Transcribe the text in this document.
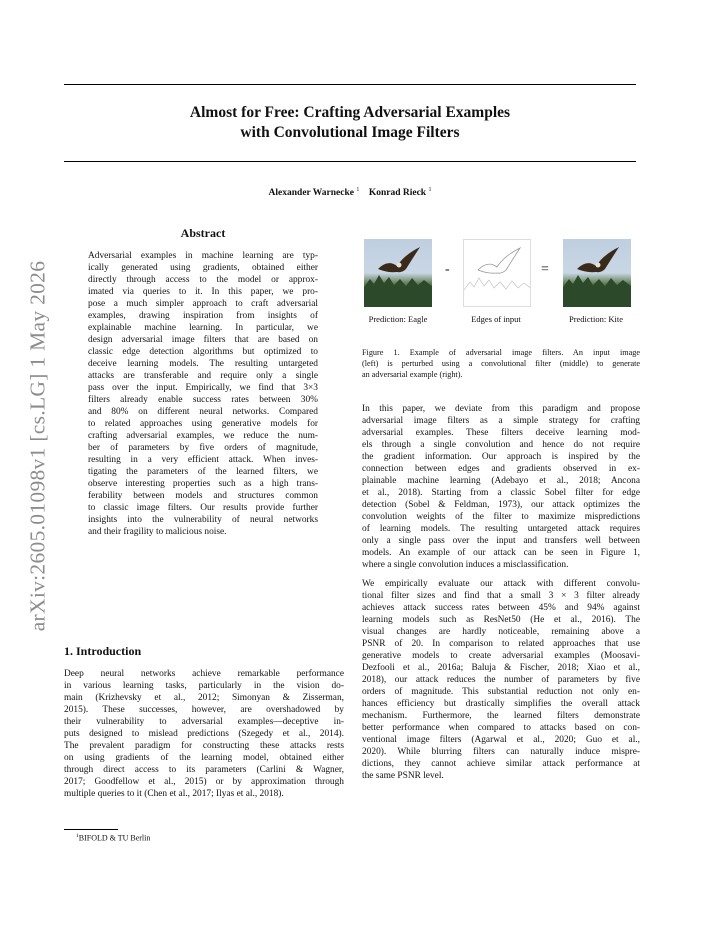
arXiv:2605.01098v1 [cs.LG] 1 May 2026
Almost for Free: Crafting Adversarial Examples
with Convolutional Image Filters
Alexander Warnecke $^1$ Konrad Rieck $^1$
Abstract
Adversarial examples in machine learning are typ-
ically generated using gradients, obtained either
directly through access to the model or approx-
imated via queries to it. In this paper, we pro-
pose a much simpler approach to craft adversarial
examples, drawing inspiration from insights of
explainable machine learning. In particular, we
design adversarial image filters that are based on
classic edge detection algorithms but optimized to
deceive learning models. The resulting untargeted
attacks are transferable and require only a single
pass over the input. Empirically, we find that 3×3
filters already enable success rates between 30%
and 80% on different neural networks. Compared
to related approaches using generative models for
crafting adversarial examples, we reduce the num-
ber of parameters by five orders of magnitude,
resulting in a very efficient attack. When inves-
tigating the parameters of the learned filters, we
observe interesting properties such as a high trans-
ferability between models and structures common
to classic image filters. Our results provide further
insights into the vulnerability of neural networks
and their fragility to malicious noise.
1. Introduction
Deep neural networks achieve remarkable performance
in various learning tasks, particularly in the vision do-
main (Krizhevsky et al., 2012; Simonyan & Zisserman,
2015). These successes, however, are overshadowed by
their vulnerability to adversarial examples—deceptive in-
puts designed to mislead predictions (Szegedy et al., 2014).
The prevalent paradigm for constructing these attacks rests
on using gradients of the learning model, obtained either
through direct access to its parameters (Carlini & Wagner,
2017; Goodfellow et al., 2015) or by approximation through
multiple queries to it (Chen et al., 2017; Ilyas et al., 2018).
$^1$BIFOLD & TU Berlin
-	=
Prediction: Eagle	Edges of input	Prediction: Kite
Figure 1. Example of adversarial image filters. An input image
(left) is perturbed using a convolutional filter (middle) to generate
an adversarial example (right).
In this paper, we deviate from this paradigm and propose
adversarial image filters as a simple strategy for crafting
adversarial examples. These filters deceive learning mod-
els through a single convolution and hence do not require
the gradient information. Our approach is inspired by the
connection between edges and gradients observed in ex-
plainable machine learning (Adebayo et al., 2018; Ancona
et al., 2018). Starting from a classic Sobel filter for edge
detection (Sobel & Feldman, 1973), our attack optimizes the
convolution weights of the filter to maximize mispredictions
of learning models. The resulting untargeted attack requires
only a single pass over the input and transfers well between
models. An example of our attack can be seen in Figure 1,
where a single convolution induces a misclassification.
We empirically evaluate our attack with different convolu-
tional filter sizes and find that a small 3 × 3 filter already
achieves attack success rates between 45% and 94% against
learning models such as ResNet50 (He et al., 2016). The
visual changes are hardly noticeable, remaining above a
PSNR of 20. In comparison to related approaches that use
generative models to create adversarial examples (Moosavi-
Dezfooli et al., 2016a; Baluja & Fischer, 2018; Xiao et al.,
2018), our attack reduces the number of parameters by five
orders of magnitude. This substantial reduction not only en-
hances efficiency but drastically simplifies the overall attack
mechanism. Furthermore, the learned filters demonstrate
better performance when compared to attacks based on con-
ventional image filters (Agarwal et al., 2020; Guo et al.,
2020). While blurring filters can naturally induce mispre-
dictions, they cannot achieve similar attack performance at
the same PSNR level.
